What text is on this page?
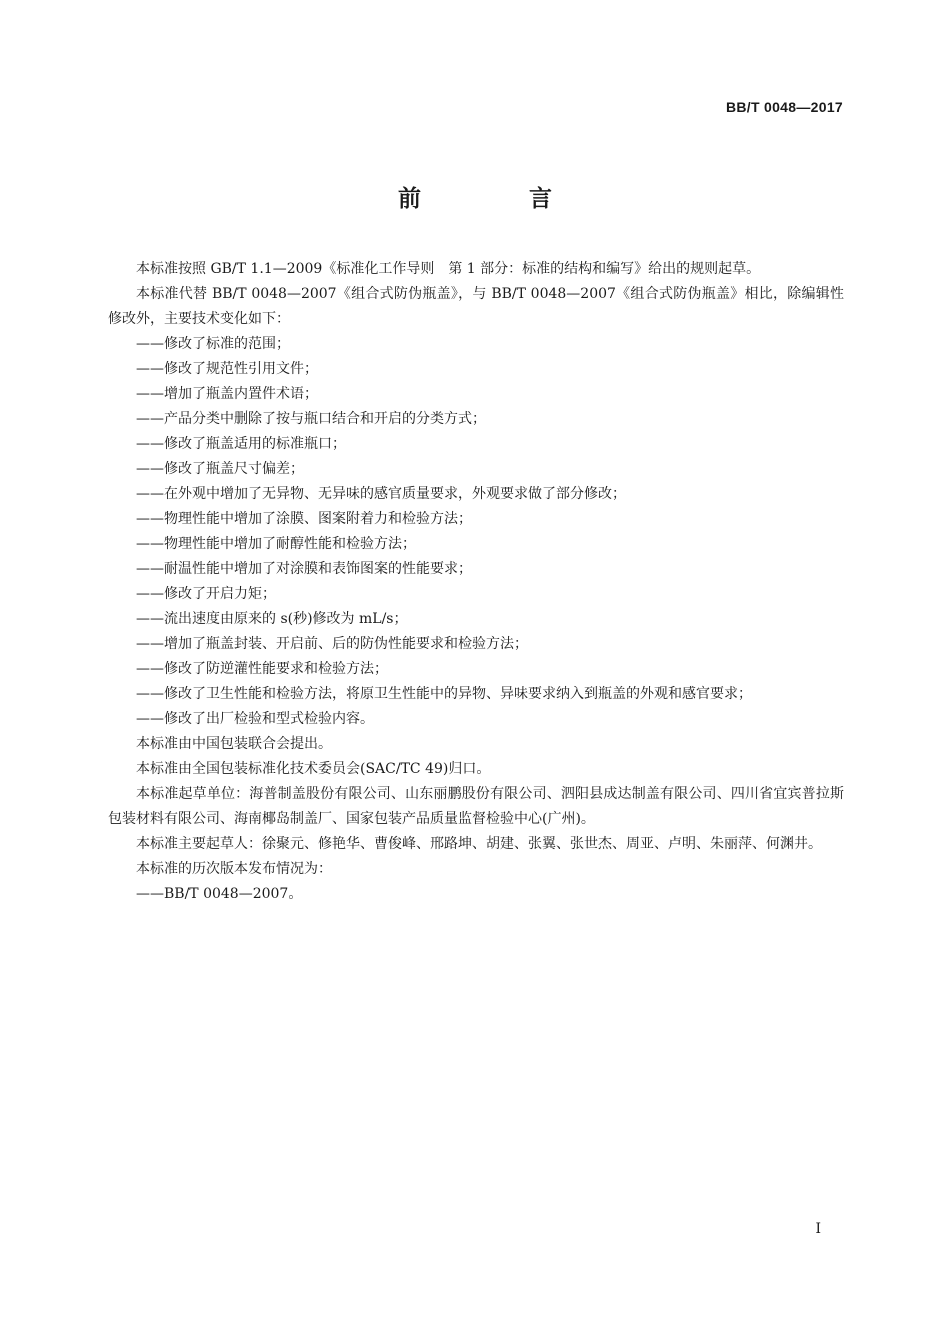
BB/T 0048—2017
前 言

本标准按照 GB/T 1.1—2009《标准化工作导则　第 1 部分：标准的结构和编写》给出的规则起草。

本标准代替 BB/T 0048—2007《组合式防伪瓶盖》，与 BB/T 0048—2007《组合式防伪瓶盖》相比，除编辑性修改外，主要技术变化如下：

——修改了标准的范围；

——修改了规范性引用文件；

——增加了瓶盖内置件术语；

——产品分类中删除了按与瓶口结合和开启的分类方式；

——修改了瓶盖适用的标准瓶口；

——修改了瓶盖尺寸偏差；

——在外观中增加了无异物、无异味的感官质量要求，外观要求做了部分修改；

——物理性能中增加了涂膜、图案附着力和检验方法；

——物理性能中增加了耐醇性能和检验方法；

——耐温性能中增加了对涂膜和表饰图案的性能要求；

——修改了开启力矩；

——流出速度由原来的 s(秒)修改为 mL/s；

——增加了瓶盖封装、开启前、后的防伪性能要求和检验方法；

——修改了防逆灌性能要求和检验方法；

——修改了卫生性能和检验方法，将原卫生性能中的异物、异味要求纳入到瓶盖的外观和感官要求；

——修改了出厂检验和型式检验内容。

本标准由中国包装联合会提出。

本标准由全国包装标准化技术委员会(SAC/TC 49)归口。

本标准起草单位：海普制盖股份有限公司、山东丽鹏股份有限公司、泗阳县成达制盖有限公司、四川省宜宾普拉斯包装材料有限公司、海南椰岛制盖厂、国家包装产品质量监督检验中心(广州)。

本标准主要起草人：徐聚元、修艳华、曹俊峰、邢路坤、胡建、张翼、张世杰、周亚、卢明、朱丽萍、何渊井。

本标准的历次版本发布情况为：

——BB/T 0048—2007。

I
